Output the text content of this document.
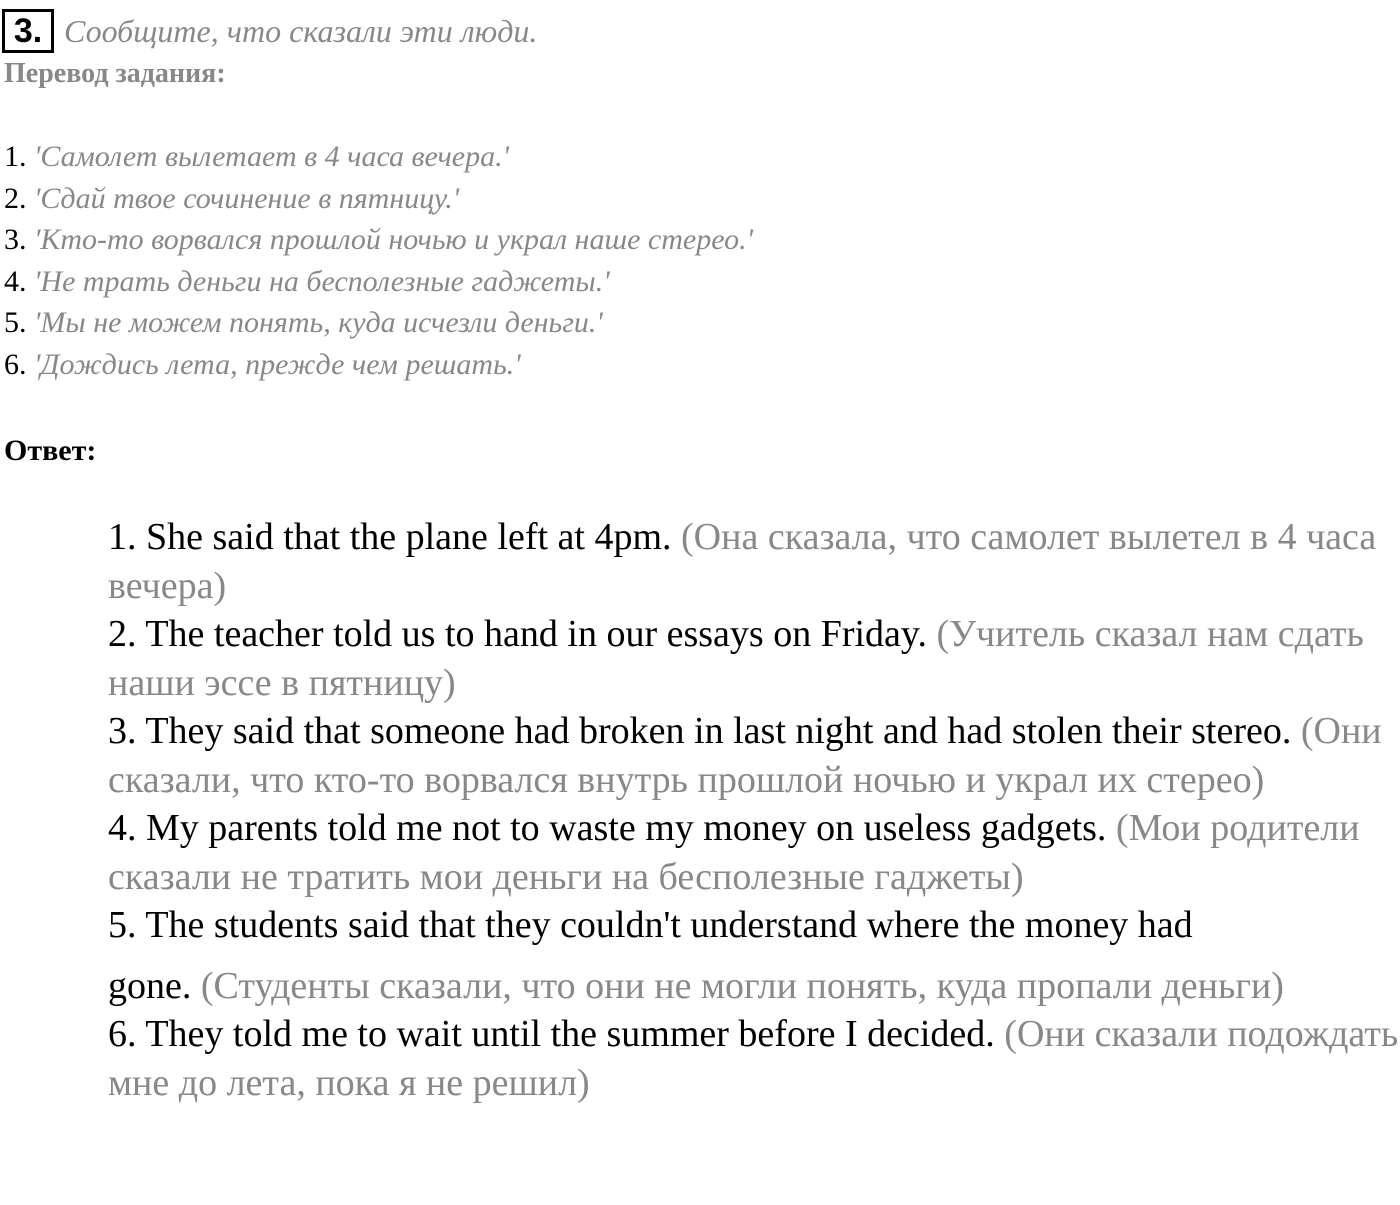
3. Сообщите, что сказали эти люди.
Перевод задания:
1. 'Самолет вылетает в 4 часа вечера.'
2. 'Сдай твое сочинение в пятницу.'
3. 'Кто-то ворвался прошлой ночью и украл наше стерео.'
4. 'Не трать деньги на бесполезные гаджеты.'
5. 'Мы не можем понять, куда исчезли деньги.'
6. 'Дождись лета, прежде чем решать.'
Ответ:
1. She said that the plane left at 4pm. (Она сказала, что самолет вылетел в 4 часа вечера)
2. The teacher told us to hand in our essays on Friday. (Учитель сказал нам сдать наши эссе в пятницу)
3. They said that someone had broken in last night and had stolen their stereo. (Они сказали, что кто-то ворвался внутрь прошлой ночью и украл их стерео)
4. My parents told me not to waste my money on useless gadgets. (Мои родители сказали не тратить мои деньги на бесполезные гаджеты)
5. The students said that they couldn't understand where the money had
gone. (Студенты сказали, что они не могли понять, куда пропали деньги)
6. They told me to wait until the summer before I decided. (Они сказали подождать мне до лета, пока я не решил)
